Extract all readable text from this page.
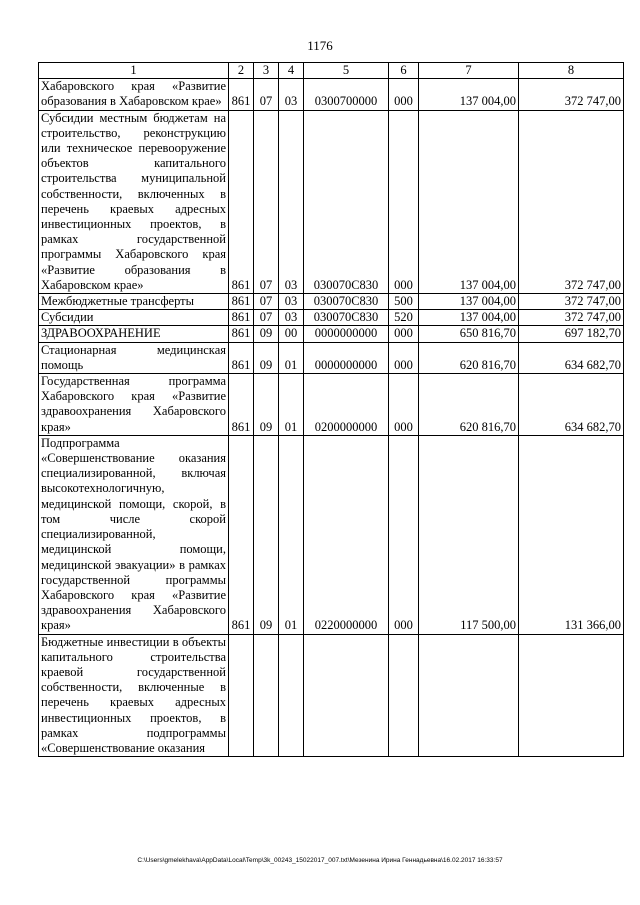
1176
1	2	3	4	5	6	7	8
Хабаровского края «Развитие образования в Хабаровском крае»	861	07	03	0300700000	000	137 004,00	372 747,00
Субсидии местным бюджетам на строительство, реконструкцию или техническое перевооружение объектов капитального строительства муниципальной собственности, включенных в перечень краевых адресных инвестиционных проектов, в рамках государственной программы Хабаровского края «Развитие образования в Хабаровском крае»	861	07	03	030070С830	000	137 004,00	372 747,00
Межбюджетные трансферты	861	07	03	030070С830	500	137 004,00	372 747,00
Субсидии	861	07	03	030070С830	520	137 004,00	372 747,00
ЗДРАВООХРАНЕНИЕ	861	09	00	0000000000	000	650 816,70	697 182,70
Стационарная медицинская помощь	861	09	01	0000000000	000	620 816,70	634 682,70
Государственная программа Хабаровского края «Развитие здравоохранения Хабаровского края»	861	09	01	0200000000	000	620 816,70	634 682,70
Подпрограмма «Совершенствование оказания специализированной, включая высокотехнологичную, медицинской помощи, скорой, в том числе скорой специализированной, медицинской помощи, медицинской эвакуации» в рамках государственной программы Хабаровского края «Развитие здравоохранения Хабаровского края»	861	09	01	0220000000	000	117 500,00	131 366,00
Бюджетные инвестиции в объекты капитального строительства краевой государственной собственности, включенные в перечень краевых адресных инвестиционных проектов, в рамках подпрограммы «Совершенствование оказания							
C:\Users\gmelekhava\AppData\Local\Temp\3k_00243_15022017_007.txt\Мезенина Ирина Геннадьевна\16.02.2017 16:33:57
